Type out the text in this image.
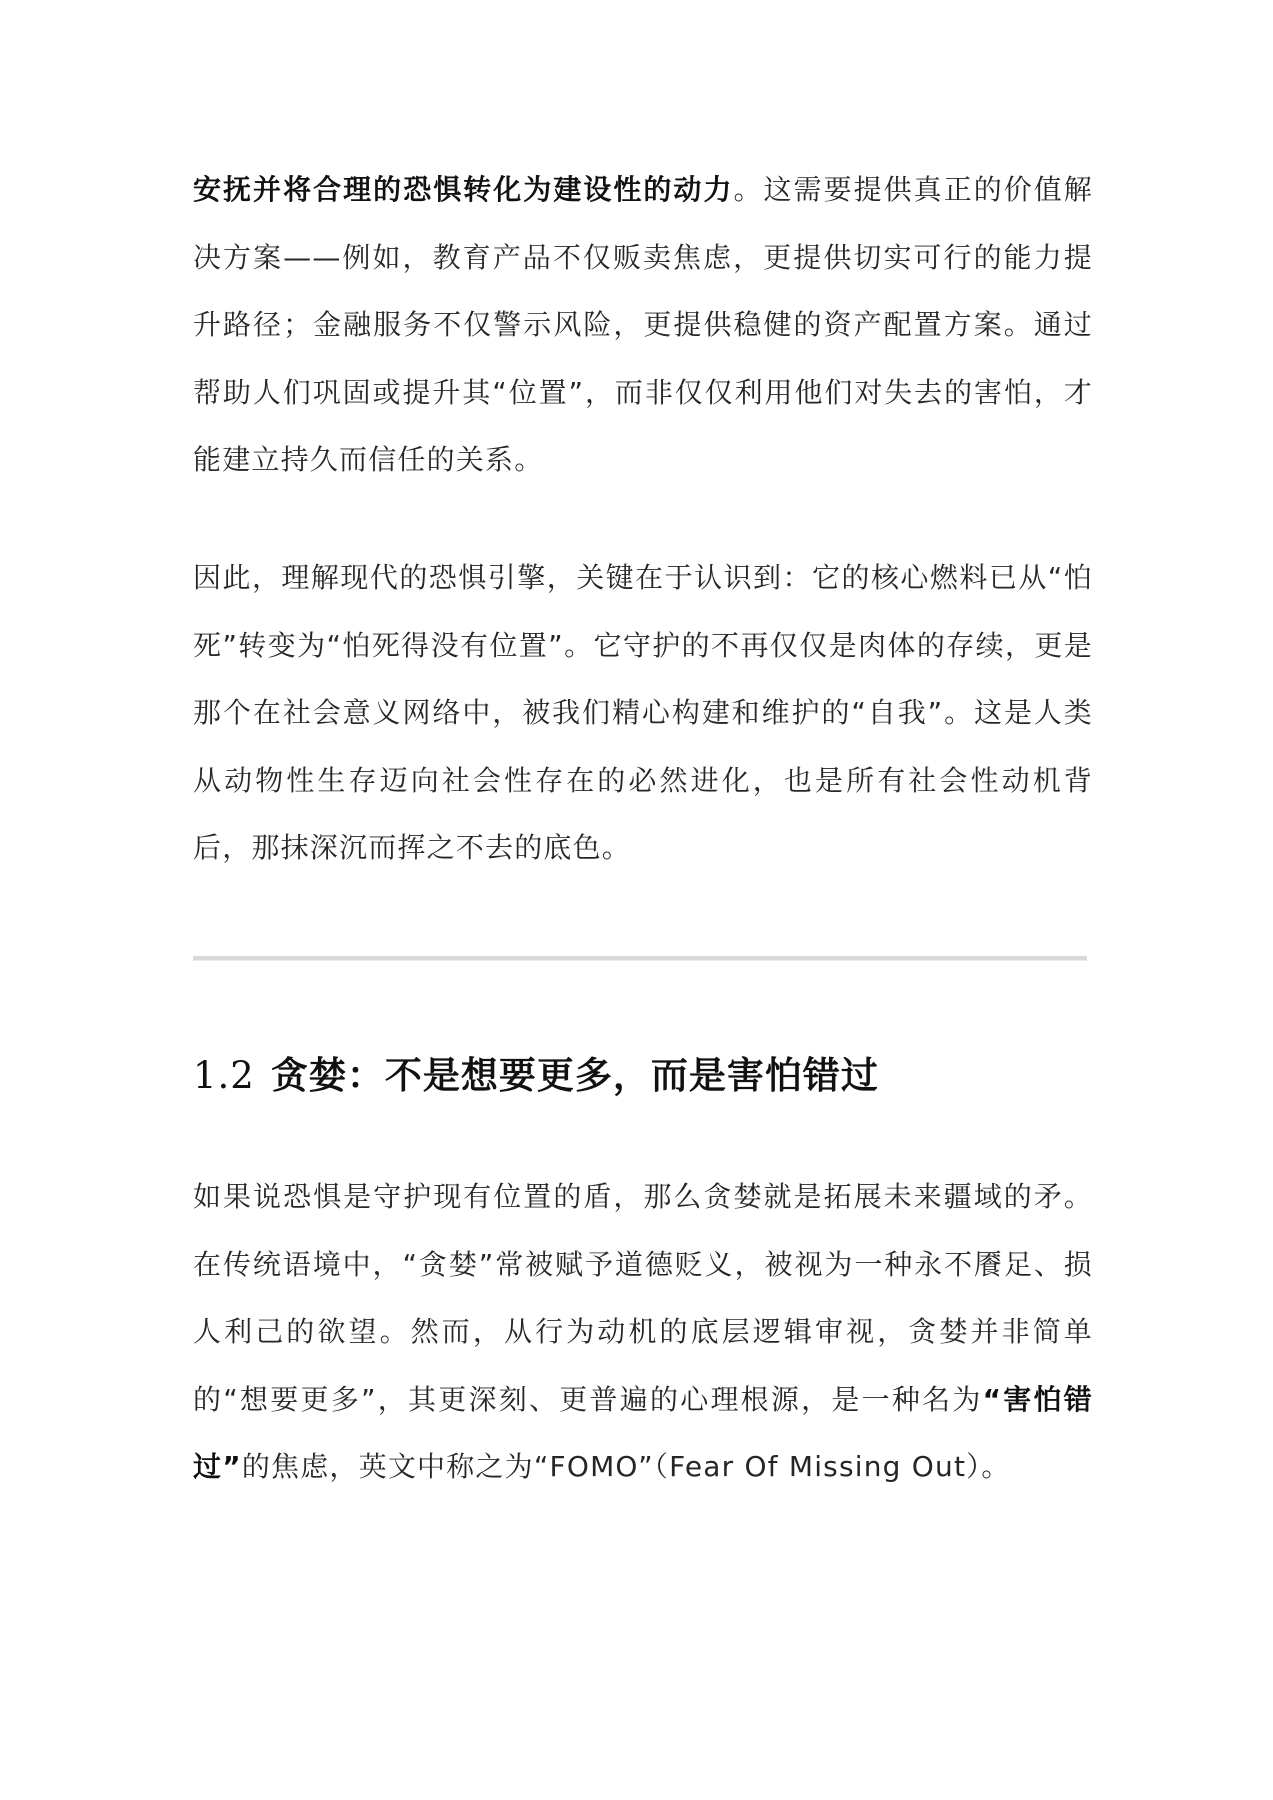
安抚并将合理的恐惧转化为建设性的动力。这需要提供真正的价值解决方案——例如，教育产品不仅贩卖焦虑，更提供切实可行的能力提升路径；金融服务不仅警示风险，更提供稳健的资产配置方案。通过帮助人们巩固或提升其“位置”，而非仅仅利用他们对失去的害怕，才能建立持久而信任的关系。

因此，理解现代的恐惧引擎，关键在于认识到：它的核心燃料已从“怕死”转变为“怕死得没有位置”。它守护的不再仅仅是肉体的存续，更是那个在社会意义网络中，被我们精心构建和维护的“自我”。这是人类从动物性生存迈向社会性存在的必然进化，也是所有社会性动机背后，那抹深沉而挥之不去的底色。

1.2 贪婪：不是想要更多，而是害怕错过

如果说恐惧是守护现有位置的盾，那么贪婪就是拓展未来疆域的矛。在传统语境中，“贪婪”常被赋予道德贬义，被视为一种永不餍足、损人利己的欲望。然而，从行为动机的底层逻辑审视，贪婪并非简单的“想要更多”，其更深刻、更普遍的心理根源，是一种名为“害怕错过”的焦虑，英文中称之为“FOMO”（Fear Of Missing Out）。
